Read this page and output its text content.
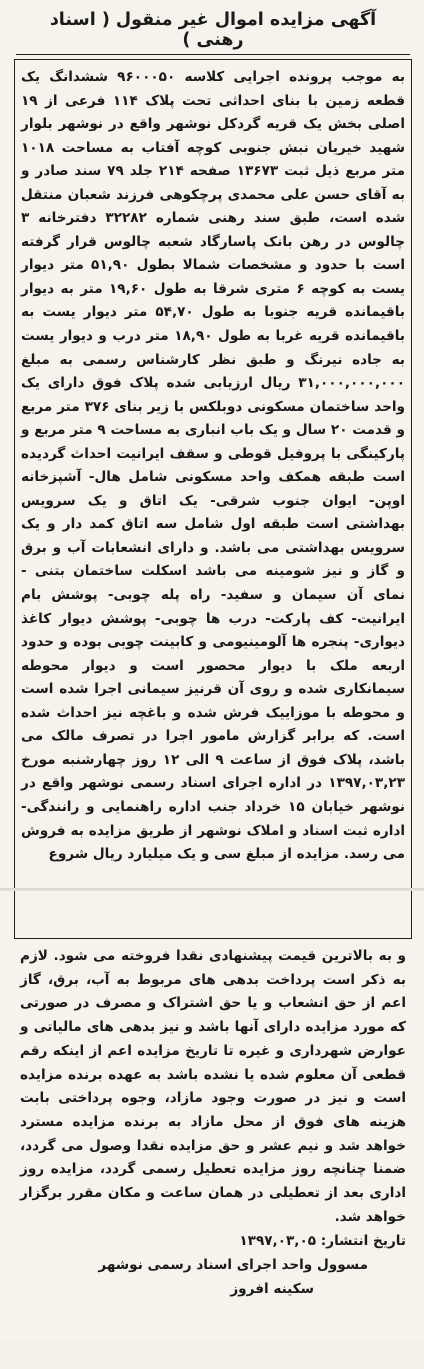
آگهی مزایده اموال غیر منقول ( اسناد رهنی )

به موجب پرونده اجرایی کلاسه ۹۶۰۰۰۵۰ ششدانگ یک قطعه زمین با بنای احداثی تحت پلاک ۱۱۴ فرعی از ۱۹ اصلی بخش یک قریه گردکل نوشهر واقع در نوشهر بلوار شهید خیریان نبش جنوبی کوچه آفتاب به مساحت ۱۰۱۸ متر مربع ذیل ثبت ۱۳۶۷۳ صفحه ۲۱۴ جلد ۷۹ سند صادر و به آقای حسن علی محمدی پرچکوهی فرزند شعبان منتقل شده است، طبق سند رهنی شماره ۳۲۲۸۲ دفترخانه ۳ چالوس در رهن بانک پاسارگاد شعبه چالوس قرار گرفته است با حدود و مشخصات شمالا بطول ۵۱,۹۰ متر دیوار یست به کوچه ۶ متری شرقا به طول ۱۹,۶۰ متر به دیوار باقیمانده قریه جنوبا به طول ۵۴,۷۰ متر دیوار یست به باقیمانده قریه غربا به طول ۱۸,۹۰ متر درب و دیوار یست به جاده نیرنگ و طبق نظر کارشناس رسمی به مبلغ ۳۱,۰۰۰,۰۰۰,۰۰۰ ریال ارزیابی شده پلاک فوق دارای یک واحد ساختمان مسکونی دوبلکس با زیر بنای ۳۷۶ متر مربع و قدمت ۲۰ سال و یک باب انباری به مساحت ۹ متر مربع و پارکینگی با پروفیل قوطی و سقف ایرانیت احداث گردیده است طبقه همکف واحد مسکونی شامل هال- آشپزخانه اوپن- ایوان جنوب شرقی- یک اتاق و یک سرویس بهداشتی است طبقه اول شامل سه اتاق کمد دار و یک سرویس بهداشتی می باشد. و دارای انشعابات آب و برق و گاز و نیز شومینه می باشد اسکلت ساختمان بتنی - نمای آن سیمان و سفید- راه پله چوبی- پوشش بام ایرانیت- کف پارکت- درب ها چوبی- پوشش دیوار کاغذ دیواری- پنجره ها آلومینیومی و کابینت چوبی بوده و حدود اربعه ملک با دیوار محصور است و دیوار محوطه سیمانکاری شده و روی آن قرنیز سیمانی اجرا شده است و محوطه با موزاییک فرش شده و باغچه نیز احداث شده است. که برابر گزارش مامور اجرا در تصرف مالک می باشد، پلاک فوق از ساعت ۹ الی ۱۲ روز چهارشنبه مورخ ۱۳۹۷,۰۳,۲۳ در اداره اجرای اسناد رسمی نوشهر واقع در نوشهر خیابان ۱۵ خرداد جنب اداره راهنمایی و رانندگی- اداره ثبت اسناد و املاک نوشهر از طریق مزایده به فروش می رسد. مزایده از مبلغ سی و یک میلیارد ریال شروع

و به بالاترین قیمت پیشنهادی نقدا فروخته می شود. لازم به ذکر است پرداخت بدهی های مربوط به آب، برق، گاز اعم از حق انشعاب و یا حق اشتراک و مصرف در صورتی که مورد مزایده دارای آنها باشد و نیز بدهی های مالیاتی و عوارض شهرداری و غیره تا تاریخ مزایده اعم از اینکه رقم قطعی آن معلوم شده یا نشده باشد به عهده برنده مزایده است و نیز در صورت وجود مازاد، وجوه پرداختی بابت هزینه های فوق از محل مازاد به برنده مزایده مسترد خواهد شد و نیم عشر و حق مزایده نقدا وصول می گردد، ضمنا چنانچه روز مزایده تعطیل رسمی گردد، مزایده روز اداری بعد از تعطیلی در همان ساعت و مکان مقرر برگزار خواهد شد.

تاریخ انتشار: ۱۳۹۷,۰۳,۰۵

مسوول واحد اجرای اسناد رسمی نوشهر
سکینه افروز
